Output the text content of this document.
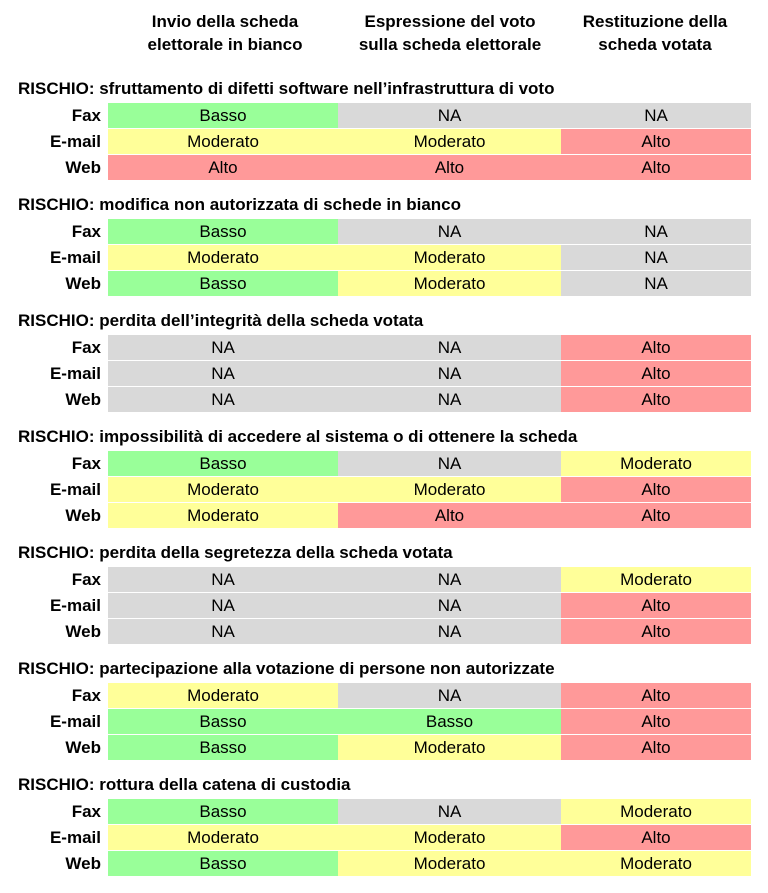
Invio della scheda
elettorale in bianco
Espressione del voto
sulla scheda elettorale
Restituzione della
scheda votata
RISCHIO: sfruttamento di difetti software nell’infrastruttura di voto
Fax	Basso	NA	NA
E-mail	Moderato	Moderato	Alto
Web	Alto	Alto	Alto
RISCHIO: modifica non autorizzata di schede in bianco
Fax	Basso	NA	NA
E-mail	Moderato	Moderato	NA
Web	Basso	Moderato	NA
RISCHIO: perdita dell’integrità della scheda votata
Fax	NA	NA	Alto
E-mail	NA	NA	Alto
Web	NA	NA	Alto
RISCHIO: impossibilità di accedere al sistema o di ottenere la scheda
Fax	Basso	NA	Moderato
E-mail	Moderato	Moderato	Alto
Web	Moderato	Alto	Alto
RISCHIO: perdita della segretezza della scheda votata
Fax	NA	NA	Moderato
E-mail	NA	NA	Alto
Web	NA	NA	Alto
RISCHIO: partecipazione alla votazione di persone non autorizzate
Fax	Moderato	NA	Alto
E-mail	Basso	Basso	Alto
Web	Basso	Moderato	Alto
RISCHIO: rottura della catena di custodia
Fax	Basso	NA	Moderato
E-mail	Moderato	Moderato	Alto
Web	Basso	Moderato	Moderato
